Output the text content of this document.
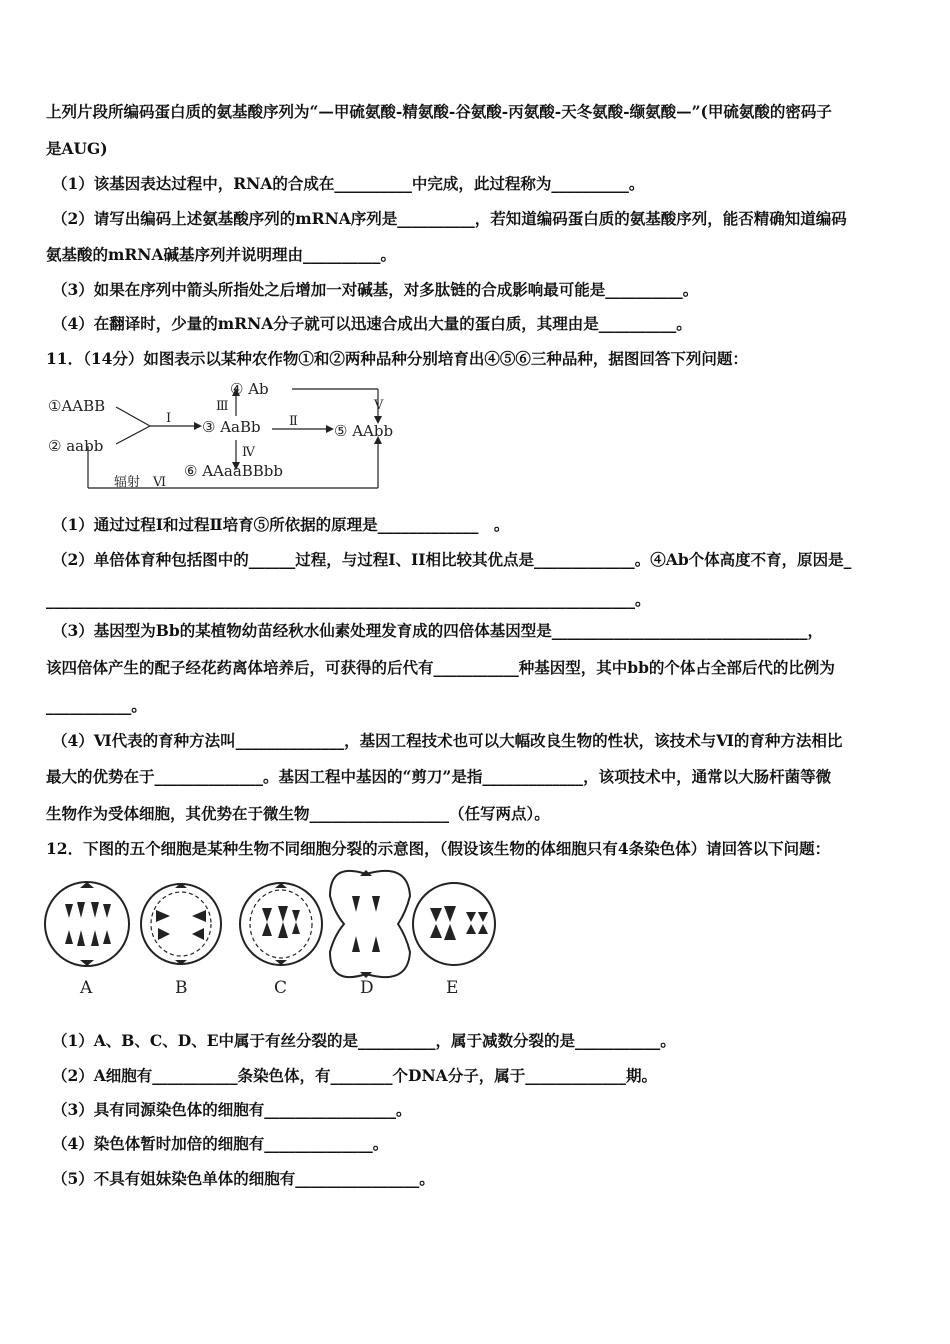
上列片段所编码蛋白质的氨基酸序列为“—甲硫氨酸-精氨酸-谷氨酸-丙氨酸-天冬氨酸-缬氨酸—”(甲硫氨酸的密码子
是AUG)
（1）该基因表达过程中，RNA的合成在__________中完成，此过程称为__________。
（2）请写出编码上述氨基酸序列的mRNA序列是__________，若知道编码蛋白质的氨基酸序列，能否精确知道编码
氨基酸的mRNA碱基序列并说明理由__________。
（3）如果在序列中箭头所指处之后增加一对碱基，对多肽链的合成影响最可能是__________。
（4）在翻译时，少量的mRNA分子就可以迅速合成出大量的蛋白质，其理由是__________。
11．（14分）如图表示以某种农作物①和②两种品种分别培育出④⑤⑥三种品种，据图回答下列问题：
①AABB
② aabb
③ AaBb
④ Ab
⑤ AAbb
⑥ AAaaBBbb
Ⅰ
Ⅲ
Ⅱ
Ⅴ
Ⅳ
辐射　Ⅵ
（1）通过过程Ⅰ和过程Ⅱ培育⑤所依据的原理是_____________　。
（2）单倍体育种包括图中的______过程，与过程I、II相比较其优点是_____________。④Ab个体高度不育，原因是_
____________________________________________________________________________。
（3）基因型为Bb的某植物幼苗经秋水仙素处理发育成的四倍体基因型是_________________________________，
该四倍体产生的配子经花药离体培养后，可获得的后代有___________种基因型，其中bb的个体占全部后代的比例为
___________。
（4）Ⅵ代表的育种方法叫______________，基因工程技术也可以大幅改良生物的性状，该技术与Ⅵ的育种方法相比
最大的优势在于______________。基因工程中基因的“剪刀”是指_____________，该项技术中，通常以大肠杆菌等微
生物作为受体细胞，其优势在于微生物__________________（任写两点）。
12．下图的五个细胞是某种生物不同细胞分裂的示意图，（假设该生物的体细胞只有4条染色体）请回答以下问题：
A	B	C	D	E
（1）A、B、C、D、E中属于有丝分裂的是__________，属于减数分裂的是___________。
（2）A细胞有___________条染色体，有________个DNA分子，属于_____________期。
（3）具有同源染色体的细胞有_________________。
（4）染色体暂时加倍的细胞有______________。
（5）不具有姐妹染色单体的细胞有________________。
